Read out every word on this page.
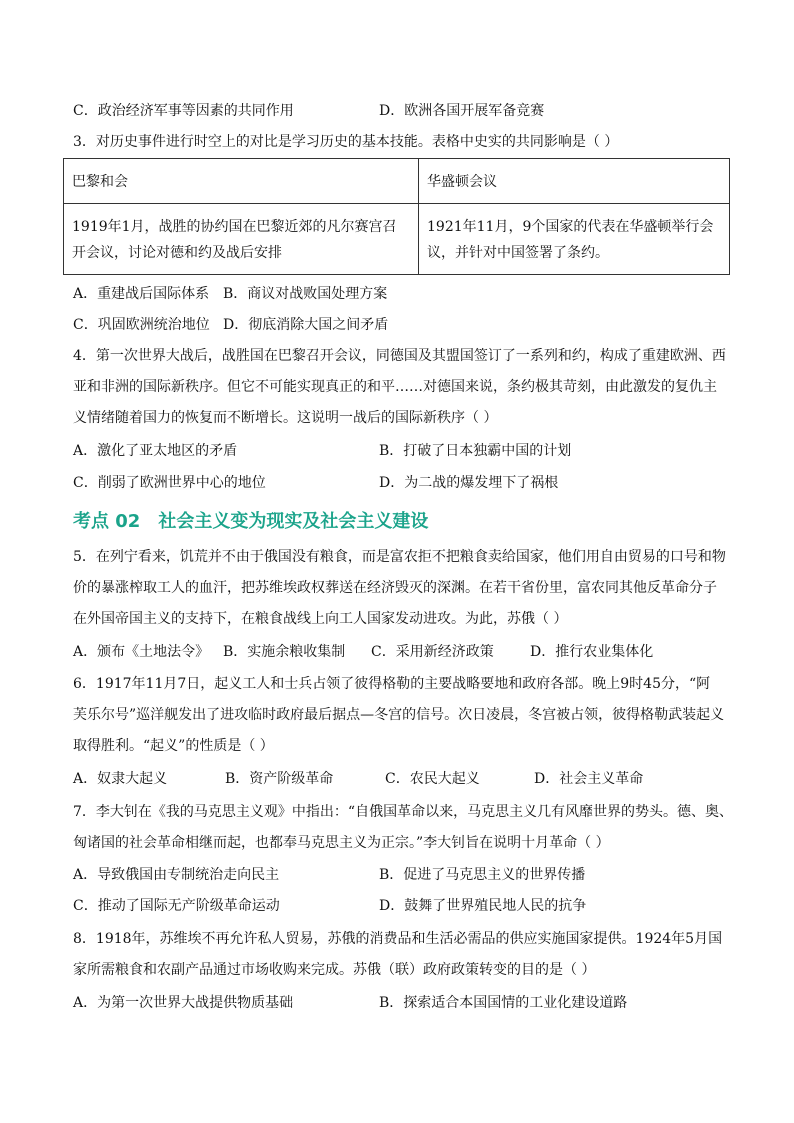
C．政治经济军事等因素的共同作用	D．欧洲各国开展军备竞赛
3．对历史事件进行时空上的对比是学习历史的基本技能。表格中史实的共同影响是（ ）
巴黎和会	华盛顿会议
1919年1月，战胜的协约国在巴黎近郊的凡尔赛宫召开会议，讨论对德和约及战后安排	1921年11月，9个国家的代表在华盛顿举行会议，并针对中国签署了条约。
A．重建战后国际体系 B．商议对战败国处理方案
C．巩固欧洲统治地位 D．彻底消除大国之间矛盾
4．第一次世界大战后，战胜国在巴黎召开会议，同德国及其盟国签订了一系列和约，构成了重建欧洲、西
亚和非洲的国际新秩序。但它不可能实现真正的和平……对德国来说，条约极其苛刻，由此激发的复仇主
义情绪随着国力的恢复而不断增长。这说明一战后的国际新秩序（ ）
A．激化了亚太地区的矛盾	B．打破了日本独霸中国的计划
C．削弱了欧洲世界中心的地位	D．为二战的爆发埋下了祸根
考点 02 社会主义变为现实及社会主义建设
5．在列宁看来，饥荒并不由于俄国没有粮食，而是富农拒不把粮食卖给国家，他们用自由贸易的口号和物
价的暴涨榨取工人的血汗，把苏维埃政权葬送在经济毁灭的深渊。在若干省份里，富农同其他反革命分子
在外国帝国主义的支持下，在粮食战线上向工人国家发动进攻。为此，苏俄（ ）
A．颁布《土地法令》 B．实施余粮收集制 C．采用新经济政策	D．推行农业集体化
6．1917年11月7日，起义工人和士兵占领了彼得格勒的主要战略要地和政府各部。晚上9时45分，“阿
芙乐尔号”巡洋舰发出了进攻临时政府最后据点—冬宫的信号。次日凌晨，冬宫被占领，彼得格勒武装起义
取得胜利。“起义”的性质是（ ）
A．奴隶大起义	B．资产阶级革命	C．农民大起义	D．社会主义革命
7．李大钊在《我的马克思主义观》中指出：“自俄国革命以来，马克思主义几有风靡世界的势头。德、奥、
匈诸国的社会革命相继而起，也都奉马克思主义为正宗。”李大钊旨在说明十月革命（ ）
A．导致俄国由专制统治走向民主	B．促进了马克思主义的世界传播
C．推动了国际无产阶级革命运动	D．鼓舞了世界殖民地人民的抗争
8．1918年，苏维埃不再允许私人贸易，苏俄的消费品和生活必需品的供应实施国家提供。1924年5月国
家所需粮食和农副产品通过市场收购来完成。苏俄（联）政府政策转变的目的是（ ）
A．为第一次世界大战提供物质基础	B．探索适合本国国情的工业化建设道路
